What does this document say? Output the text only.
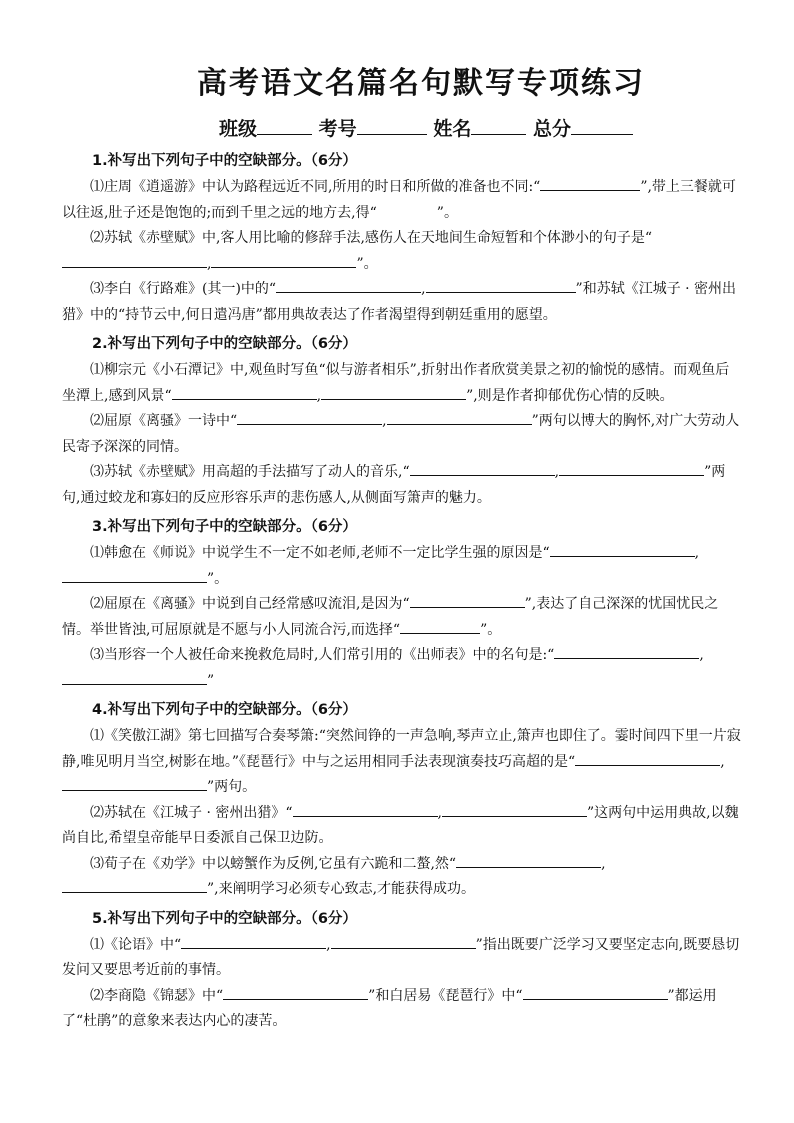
高考语文名篇名句默写专项练习
班级	考号	姓名	总分
1.补写出下列句子中的空缺部分。（6分）

⑴庄周《逍遥游》中认为路程远近不同,所用的时日和所做的准备也不同:“	”,带上三餐就可以往返,肚子还是饱饱的;而到千里之远的地方去,得“	”。

⑵苏轼《赤壁赋》中,客人用比喻的修辞手法,感伤人在天地间生命短暂和个体渺小的句子是“,	”。

⑶李白《行路难》(其一)中的“	,	”和苏轼《江城子 · 密州出猎》中的“持节云中,何日遣冯唐”都用典故表达了作者渴望得到朝廷重用的愿望。

2.补写出下列句子中的空缺部分。（6分）

⑴柳宗元《小石潭记》中,观鱼时写鱼“似与游者相乐”,折射出作者欣赏美景之初的愉悦的感情。而观鱼后坐潭上,感到风景“	,	”,则是作者抑郁优伤心情的反映。

⑵屈原《离骚》一诗中“	,	”两句以博大的胸怀,对广大劳动人民寄予深深的同情。

⑶苏轼《赤壁赋》用高超的手法描写了动人的音乐,“	,	”两句,通过蛟龙和寡妇的反应形容乐声的悲伤感人,从侧面写箫声的魅力。

3.补写出下列句子中的空缺部分。（6分）

⑴韩愈在《师说》中说学生不一定不如老师,老师不一定比学生强的原因是“	,”。

⑵屈原在《离骚》中说到自己经常感叹流泪,是因为“	”,表达了自己深深的忧国忧民之情。举世皆浊,可屈原就是不愿与小人同流合污,而选择“	”。

⑶当形容一个人被任命来挽救危局时,人们常引用的《出师表》中的名句是:“	,”

4.补写出下列句子中的空缺部分。（6分）

⑴《笑傲江湖》第七回描写合奏琴箫:“突然间铮的一声急响,琴声立止,箫声也即住了。霎时间四下里一片寂静,唯见明月当空,树影在地。”《琵琶行》中与之运用相同手法表现演奏技巧高超的是“	,”两句。

⑵苏轼在《江城子 · 密州出猎》“	,	”这两句中运用典故,以魏尚自比,希望皇帝能早日委派自己保卫边防。

⑶荀子在《劝学》中以螃蟹作为反例,它虽有六跪和二螯,然“	,”,来阐明学习必须专心致志,才能获得成功。

5.补写出下列句子中的空缺部分。（6分）

⑴《论语》中“	,	”指出既要广泛学习又要坚定志向,既要恳切发问又要思考近前的事情。

⑵李商隐《锦瑟》中“	”和白居易《琵琶行》中“	”都运用了“杜鹃”的意象来表达内心的凄苦。
